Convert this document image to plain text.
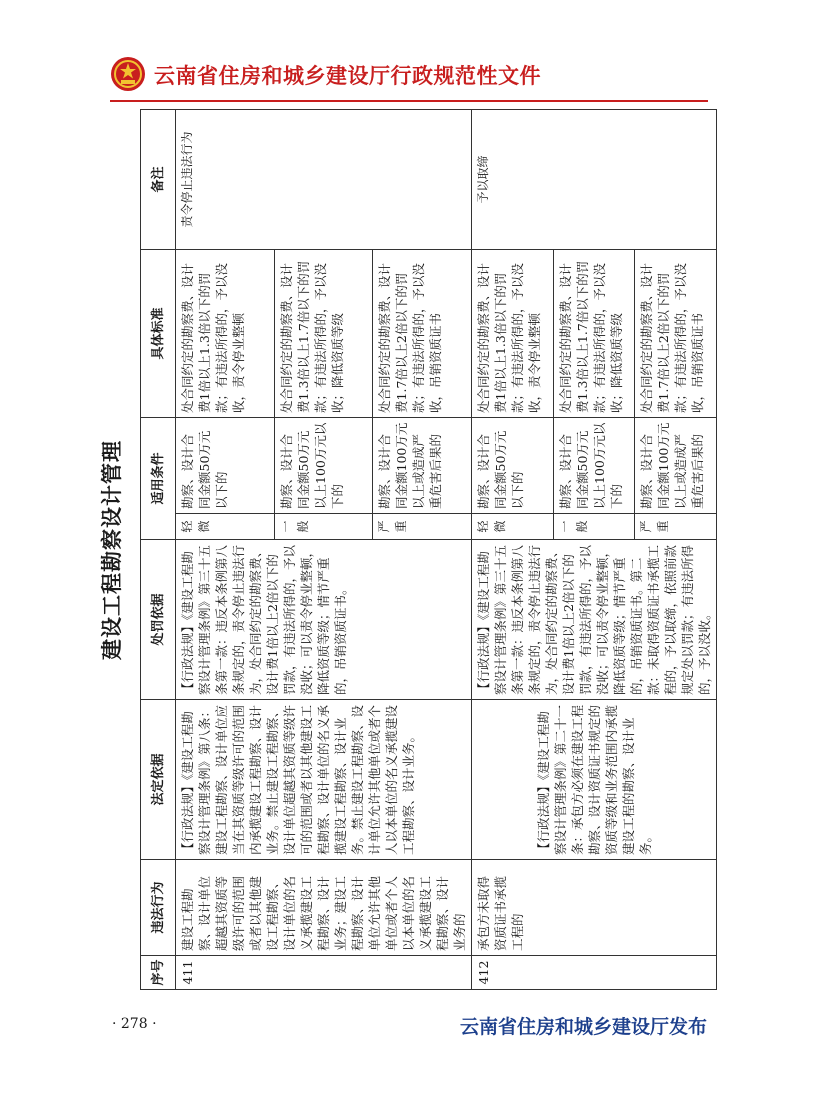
云南省住房和城乡建设厅行政规范性文件
建设工程勘察设计管理
序号	违法行为	法定依据	处罚依据	适用条件		具体标准	备注
411	建设工程勘察、设计单位超越其资质等级许可的范围或者以其他建设工程勘察、设计单位的名义承揽建设工程勘察、设计业务；建设工程勘察、设计单位允许其他单位或者个人以本单位的名义承揽建设工程勘察、设计业务的	【行政法规】《建设工程勘察设计管理条例》第八条：建设工程勘察、设计单位应当在其资质等级许可的范围内承揽建设工程勘察、设计业务。禁止建设工程勘察、设计单位超越其资质等级许可的范围或者以其他建设工程勘察、设计单位的名义承揽建设工程勘察、设计业务。禁止建设工程勘察、设计单位允许其他单位或者个人以本单位的名义承揽建设工程勘察、设计业务。	【行政法规】《建设工程勘察设计管理条例》第三十五条第一款：违反本条例第八条规定的，责令停止违法行为，处合同约定的勘察费、设计费1倍以上2倍以下的罚款，有违法所得的，予以没收；可以责令停业整顿，降低资质等级；情节严重的，吊销资质证书。	轻微	勘察、设计合同金额50万元以下的	处合同约定的勘察费、设计费1倍以上1.3倍以下的罚款；有违法所得的，予以没收，责令停业整顿	责令停止违法行为
				一般	勘察、设计合同金额50万元以上100万元以下的	处合同约定的勘察费、设计费1.3倍以上1.7倍以下的罚款；有违法所得的，予以没收；降低资质等级	
				严重	勘察、设计合同金额100万元以上或造成严重危害后果的	处合同约定的勘察费、设计费1.7倍以上2倍以下的罚款；有违法所得的，予以没收，吊销资质证书	
412	承包方未取得资质证书承揽工程的	【行政法规】《建设工程勘察设计管理条例》第二十一条：承包方必须在建设工程勘察、设计资质证书规定的资质等级和业务范围内承揽建设工程的勘察、设计业务。	【行政法规】《建设工程勘察设计管理条例》第三十五条第一款：违反本条例第八条规定的，责令停止违法行为，处合同约定的勘察费、设计费1倍以上2倍以下的罚款，有违法所得的，予以没收；可以责令停业整顿，降低资质等级；情节严重的，吊销资质证书。第二款：未取得资质证书承揽工程的，予以取缔，依照前款规定处以罚款；有违法所得的，予以没收。	轻微	勘察、设计合同金额50万元以下的	处合同约定的勘察费、设计费1倍以上1.3倍以下的罚款；有违法所得的，予以没收，责令停业整顿	予以取缔
				一般	勘察、设计合同金额50万元以上100万元以下的	处合同约定的勘察费、设计费1.3倍以上1.7倍以下的罚款；有违法所得的，予以没收；降低资质等级	
				严重	勘察、设计合同金额100万元以上或造成严重危害后果的	处合同约定的勘察费、设计费1.7倍以上2倍以下的罚款；有违法所得的，予以没收，吊销资质证书	
· 278 ·	云南省住房和城乡建设厅发布
